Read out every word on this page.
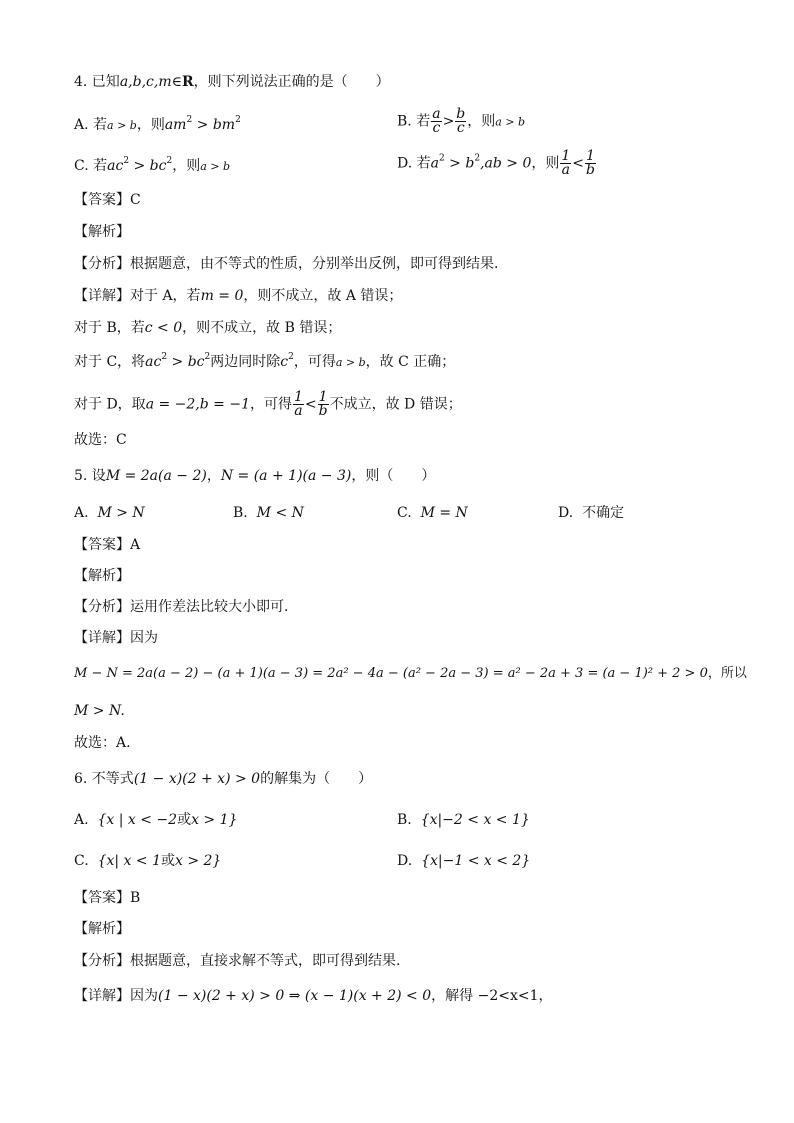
4. 已知a,b,c,m∈R，则下列说法正确的是（　　）
A. 若a > b，则$am^2 > bm^2$	B. 若 $\frac{a}{c} > \frac{b}{c}$ ，则a > b
C. 若$ac^2 > bc^2$，则a > b	D. 若$a^2 > b^2,ab > 0$，则 $\frac{1}{a} < \frac{1}{b}$
【答案】C
【解析】
【分析】根据题意，由不等式的性质，分别举出反例，即可得到结果.
【详解】对于 A，若m = 0，则不成立，故 A 错误；
对于 B，若c < 0，则不成立，故 B 错误；
对于 C，将$ac^2 > bc^2$两边同时除$c^2$，可得a > b，故 C 正确；
对于 D，取a = −2,b = −1，可得 $\frac{1}{a} < \frac{1}{b}$ 不成立，故 D 错误；
故选：C
5. 设M = 2a(a − 2)，N = (a + 1)(a − 3)，则（　　）
A. M > N	B. M < N	C. M = N	D. 不确定
【答案】A
【解析】
【分析】运用作差法比较大小即可.
【详解】因为
M − N = 2a(a − 2) − (a + 1)(a − 3) = 2a² − 4a − (a² − 2a − 3) = a² − 2a + 3 = (a − 1)² + 2 > 0，所以
M > N.
故选：A.
6. 不等式(1 − x)(2 + x) > 0的解集为（　　）
A. {x | x < −2或x > 1}	B. {x|−2 < x < 1}
C. {x| x < 1或x > 2}	D. {x|−1 < x < 2}
【答案】B
【解析】
【分析】根据题意，直接求解不等式，即可得到结果.
【详解】因为(1 − x)(2 + x) > 0 ⇒ (x − 1)(x + 2) < 0，解得 −2<x<1，
